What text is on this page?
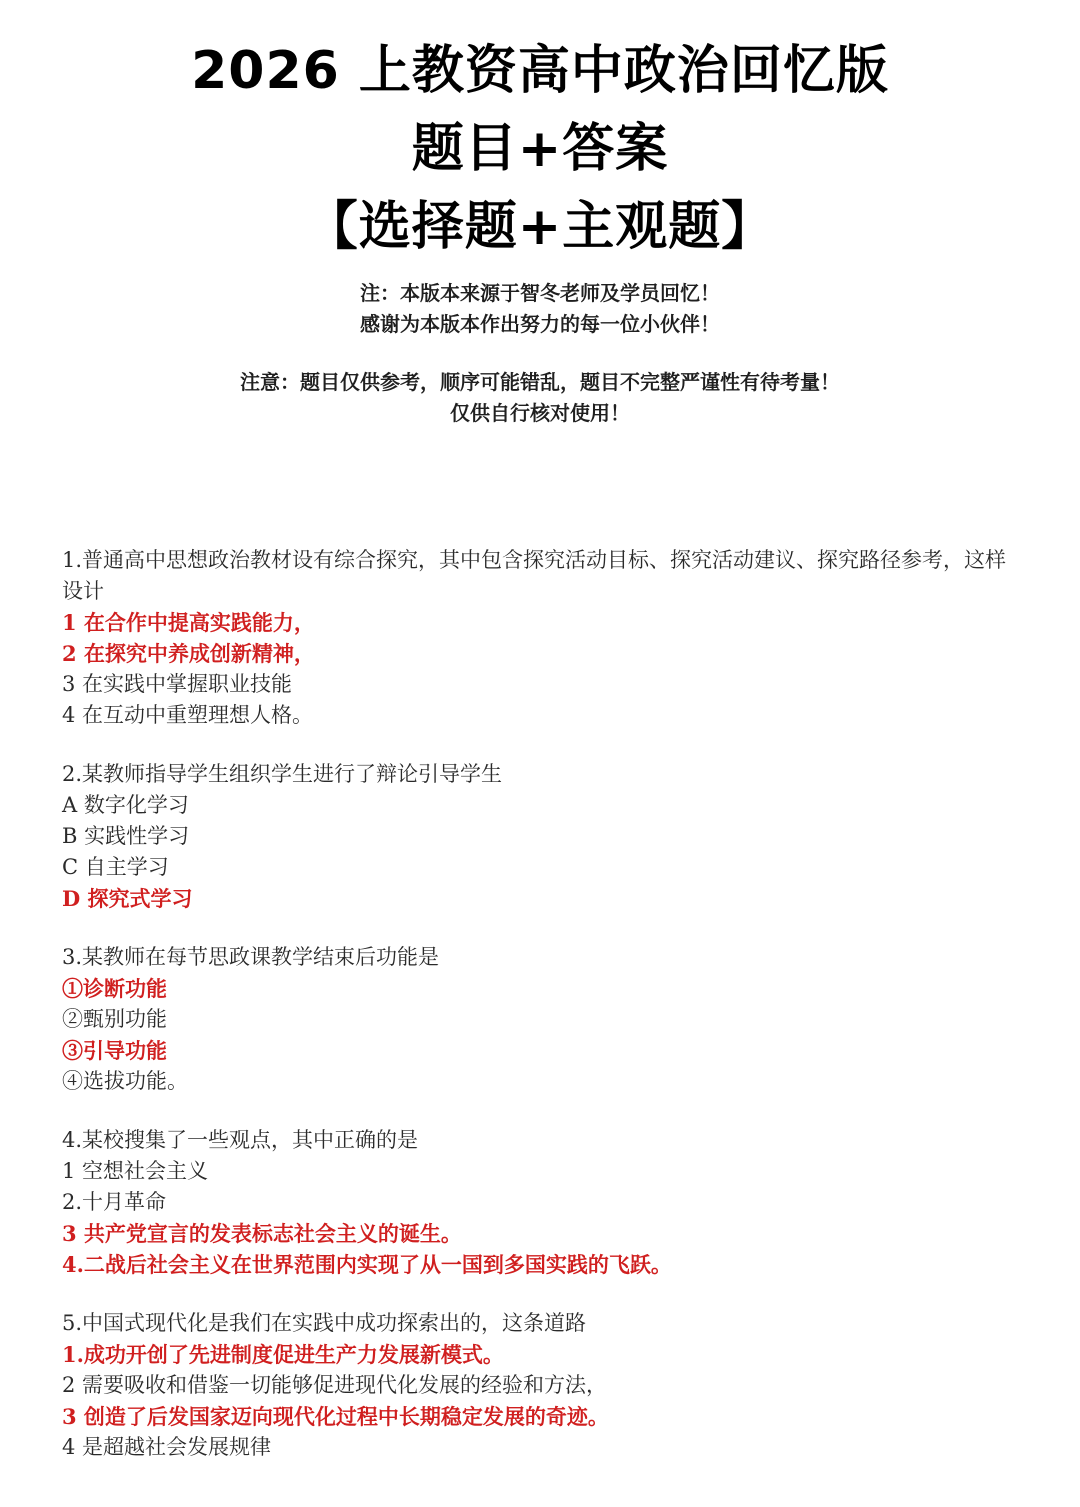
2026 上教资高中政治回忆版
题目+答案
【选择题+主观题】
注：本版本来源于智冬老师及学员回忆！
感谢为本版本作出努力的每一位小伙伴！
注意：题目仅供参考，顺序可能错乱，题目不完整严谨性有待考量！
仅供自行核对使用！
1.普通高中思想政治教材设有综合探究，其中包含探究活动目标、探究活动建议、探究路径参考，这样设计
1 在合作中提高实践能力，
2 在探究中养成创新精神，
3 在实践中掌握职业技能
4 在互动中重塑理想人格。
2.某教师指导学生组织学生进行了辩论引导学生
A 数字化学习
B 实践性学习
C 自主学习
D 探究式学习
3.某教师在每节思政课教学结束后功能是
①诊断功能
②甄别功能
③引导功能
④选拔功能。
4.某校搜集了一些观点，其中正确的是
1 空想社会主义
2.十月革命
3 共产党宣言的发表标志社会主义的诞生。
4.二战后社会主义在世界范围内实现了从一国到多国实践的飞跃。
5.中国式现代化是我们在实践中成功探索出的，这条道路
1.成功开创了先进制度促进生产力发展新模式。
2 需要吸收和借鉴一切能够促进现代化发展的经验和方法，
3 创造了后发国家迈向现代化过程中长期稳定发展的奇迹。
4 是超越社会发展规律
